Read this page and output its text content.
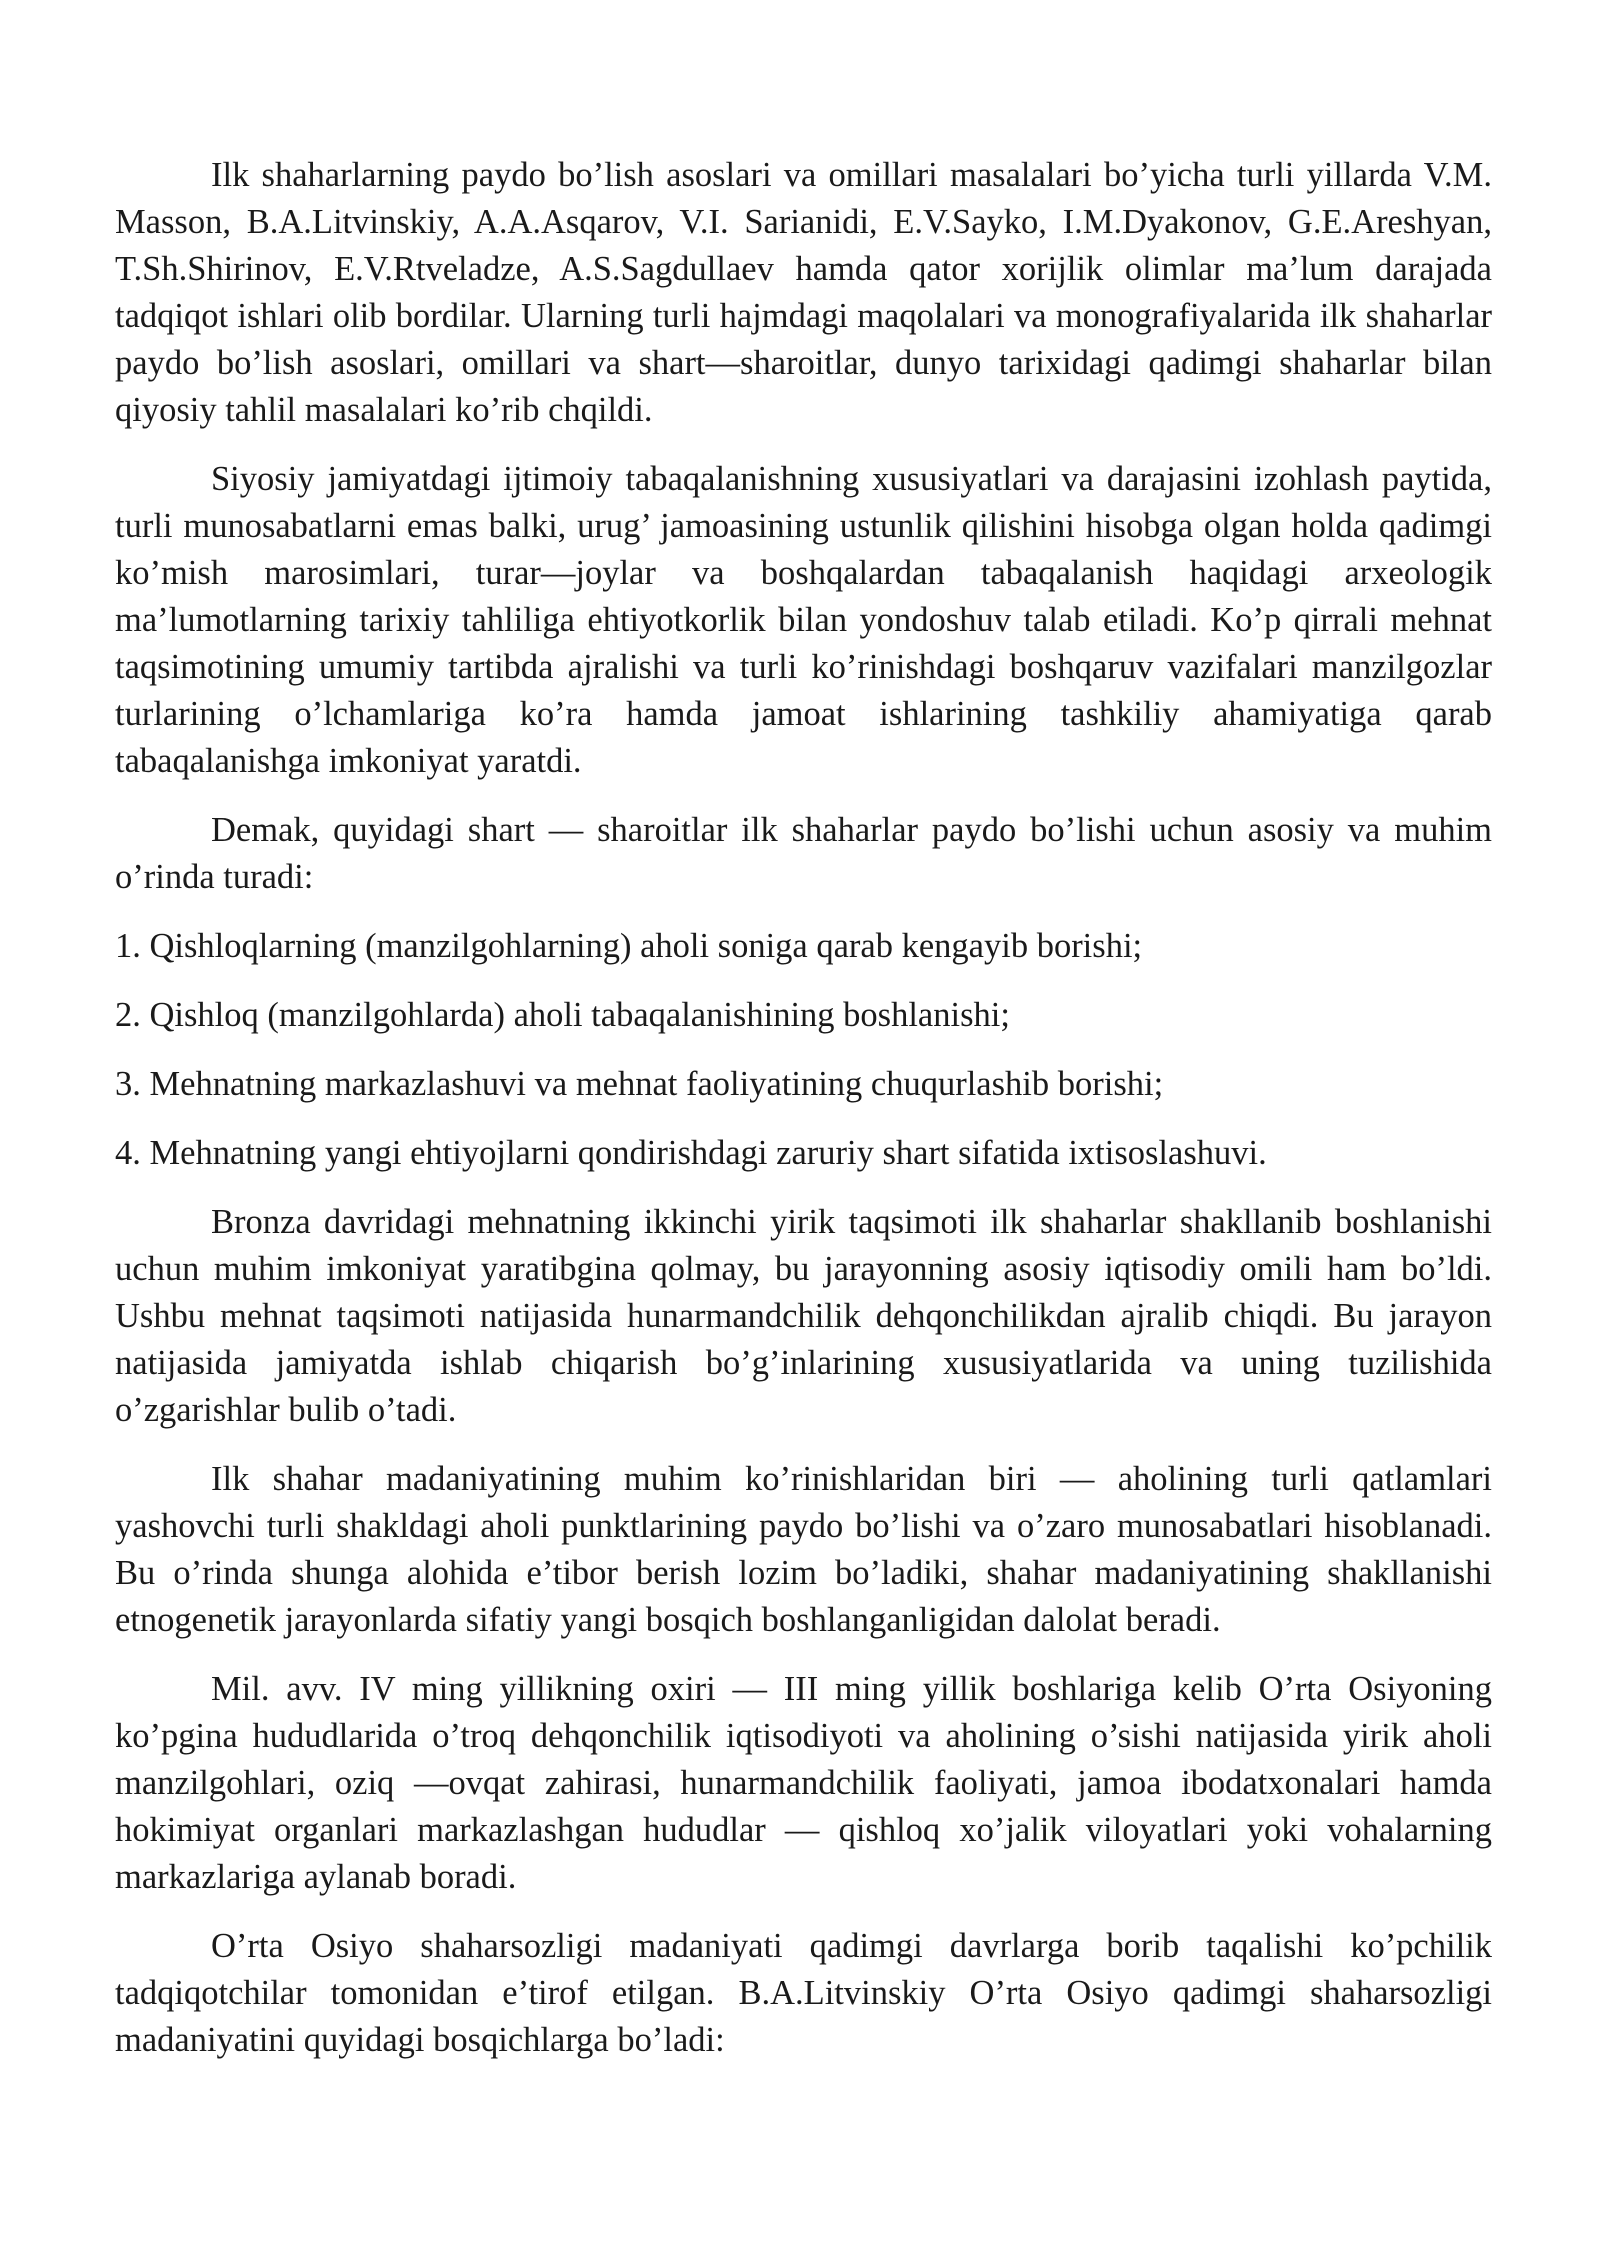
Ilk shaharlarning paydo bo’lish asoslari va omillari masalalari bo’yicha turli yillarda V.M. Masson, B.A.Litvinskiy, A.A.Asqarov, V.I. Sarianidi, E.V.Sayko, I.M.Dyakonov, G.E.Areshyan, T.Sh.Shirinov, E.V.Rtveladze, A.S.Sagdullaev hamda qator xorijlik olimlar ma’lum darajada tadqiqot ishlari olib bordilar. Ularning turli hajmdagi maqolalari va monografiyalarida ilk shaharlar paydo bo’lish asoslari, omillari va shart—sharoitlar, dunyo tarixidagi qadimgi shaharlar bilan qiyosiy tahlil masalalari ko’rib chqildi.

Siyosiy jamiyatdagi ijtimoiy tabaqalanishning xususiyatlari va darajasini izohlash paytida, turli munosabatlarni emas balki, urug’ jamoasining ustunlik qilishini hisobga olgan holda qadimgi ko’mish marosimlari, turar—joylar va boshqalardan tabaqalanish haqidagi arxeologik ma’lumotlarning tarixiy tahliliga ehtiyotkorlik bilan yondoshuv talab etiladi. Ko’p qirrali mehnat taqsimotining umumiy tartibda ajralishi va turli ko’rinishdagi boshqaruv vazifalari manzilgozlar turlarining o’lchamlariga ko’ra hamda jamoat ishlarining tashkiliy ahamiyatiga qarab tabaqalanishga imkoniyat yaratdi.

Demak, quyidagi shart — sharoitlar ilk shaharlar paydo bo’lishi uchun asosiy va muhim o’rinda turadi:

1. Qishloqlarning (manzilgohlarning) aholi soniga qarab kengayib borishi;

2. Qishloq (manzilgohlarda) aholi tabaqalanishining boshlanishi;

3. Mehnatning markazlashuvi va mehnat faoliyatining chuqurlashib borishi;

4. Mehnatning yangi ehtiyojlarni qondirishdagi zaruriy shart sifatida ixtisoslashuvi.

Bronza davridagi mehnatning ikkinchi yirik taqsimoti ilk shaharlar shakllanib boshlanishi uchun muhim imkoniyat yaratibgina qolmay, bu jarayonning asosiy iqtisodiy omili ham bo’ldi. Ushbu mehnat taqsimoti natijasida hunarmandchilik dehqonchilikdan ajralib chiqdi. Bu jarayon natijasida jamiyatda ishlab chiqarish bo’g’inlarining xususiyatlarida va uning tuzilishida o’zgarishlar bulib o’tadi.

Ilk shahar madaniyatining muhim ko’rinishlaridan biri — aholining turli qatlamlari yashovchi turli shakldagi aholi punktlarining paydo bo’lishi va o’zaro munosabatlari hisoblanadi. Bu o’rinda shunga alohida e’tibor berish lozim bo’ladiki, shahar madaniyatining shakllanishi etnogenetik jarayonlarda sifatiy yangi bosqich boshlanganligidan dalolat beradi.

Mil. avv. IV ming yillikning oxiri — III ming yillik boshlariga kelib O’rta Osiyoning ko’pgina hududlarida o’troq dehqonchilik iqtisodiyoti va aholining o’sishi natijasida yirik aholi manzilgohlari, oziq —ovqat zahirasi, hunarmandchilik faoliyati, jamoa ibodatxonalari hamda hokimiyat organlari markazlashgan hududlar — qishloq xo’jalik viloyatlari yoki vohalarning markazlariga aylanab boradi.

O’rta Osiyo shaharsozligi madaniyati qadimgi davrlarga borib taqalishi ko’pchilik tadqiqotchilar tomonidan e’tirof etilgan. B.A.Litvinskiy O’rta Osiyo qadimgi shaharsozligi madaniyatini quyidagi bosqichlarga bo’ladi:
